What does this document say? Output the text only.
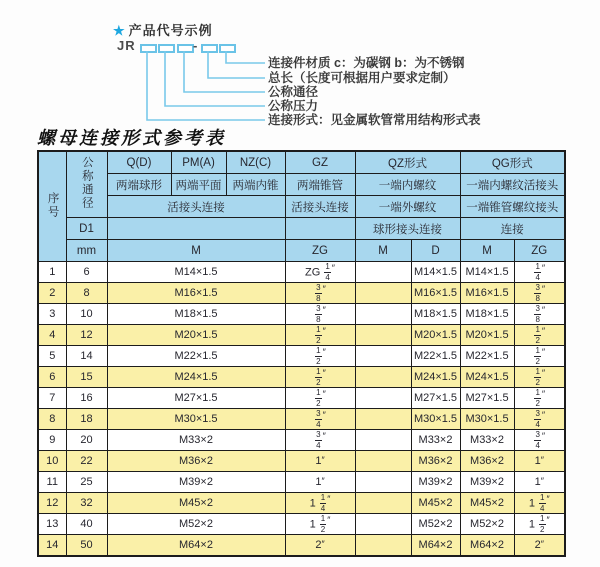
★ 产品代号示例
JR	-
连接件材质 c：为碳钢 b：为不锈钢
总长（长度可根据用户要求定制）
公称通径
公称压力
连接形式：见金属软管常用结构形式表
螺母连接形式参考表
序号	公称通径	Q(D)	PM(A)	NZ(C)	GZ	QZ形式		QG形式	
		两端球形	两端平面	两端内锥	两端锥管	一端内螺纹		一端内螺纹活接头	
		活接头连接			活接头连接	一端外螺纹		一端锥管螺纹接头	
	D1					球形接头连接		连接	
	mm	M			ZG	M	D	M	ZG
1	6	M14×1.5			ZG $\frac{1}{4} ''$		M14×1.5	M14×1.5	$\frac{1}{4} ''$
2	8	M16×1.5			$\frac{3}{8} ''$		M16×1.5	M16×1.5	$\frac{3}{8} ''$
3	10	M18×1.5			$\frac{3}{8} ''$		M18×1.5	M18×1.5	$\frac{3}{8} ''$
4	12	M20×1.5			$\frac{1}{2} ''$		M20×1.5	M20×1.5	$\frac{1}{2} ''$
5	14	M22×1.5			$\frac{1}{2} ''$		M22×1.5	M22×1.5	$\frac{1}{2} ''$
6	15	M24×1.5			$\frac{1}{2} ''$		M24×1.5	M24×1.5	$\frac{1}{2} ''$
7	16	M27×1.5			$\frac{1}{2} ''$		M27×1.5	M27×1.5	$\frac{1}{2} ''$
8	18	M30×1.5			$\frac{3}{4} ''$		M30×1.5	M30×1.5	$\frac{3}{4} ''$
9	20	M33×2			$\frac{3}{4} ''$		M33×2	M33×2	$\frac{3}{4} ''$
10	22	M36×2			1″		M36×2	M36×2	1″
11	25	M39×2			1″		M39×2	M39×2	1″
12	32	M45×2			$1 \frac{1}{4} ''$		M45×2	M45×2	$1 \frac{1}{4} ''$
13	40	M52×2			$1 \frac{1}{2} ''$		M52×2	M52×2	$1 \frac{1}{2} ''$
14	50	M64×2			2″		M64×2	M64×2	2″
